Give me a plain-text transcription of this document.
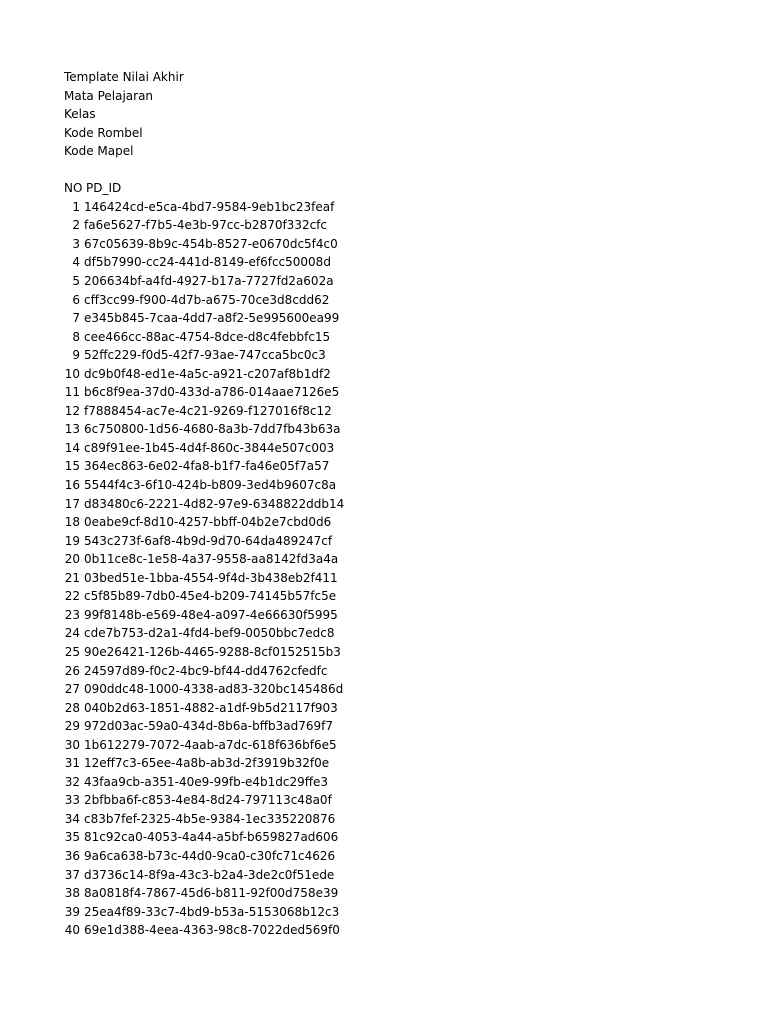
Template Nilai Akhir
Mata Pelajaran
Kelas
Kode Rombel
Kode Mapel
NO PD_ID
1 146424cd-e5ca-4bd7-9584-9eb1bc23feaf
2 fa6e5627-f7b5-4e3b-97cc-b2870f332cfc
3 67c05639-8b9c-454b-8527-e0670dc5f4c0
4 df5b7990-cc24-441d-8149-ef6fcc50008d
5 206634bf-a4fd-4927-b17a-7727fd2a602a
6 cff3cc99-f900-4d7b-a675-70ce3d8cdd62
7 e345b845-7caa-4dd7-a8f2-5e995600ea99
8 cee466cc-88ac-4754-8dce-d8c4febbfc15
9 52ffc229-f0d5-42f7-93ae-747cca5bc0c3
10 dc9b0f48-ed1e-4a5c-a921-c207af8b1df2
11 b6c8f9ea-37d0-433d-a786-014aae7126e5
12 f7888454-ac7e-4c21-9269-f127016f8c12
13 6c750800-1d56-4680-8a3b-7dd7fb43b63a
14 c89f91ee-1b45-4d4f-860c-3844e507c003
15 364ec863-6e02-4fa8-b1f7-fa46e05f7a57
16 5544f4c3-6f10-424b-b809-3ed4b9607c8a
17 d83480c6-2221-4d82-97e9-6348822ddb14
18 0eabe9cf-8d10-4257-bbff-04b2e7cbd0d6
19 543c273f-6af8-4b9d-9d70-64da489247cf
20 0b11ce8c-1e58-4a37-9558-aa8142fd3a4a
21 03bed51e-1bba-4554-9f4d-3b438eb2f411
22 c5f85b89-7db0-45e4-b209-74145b57fc5e
23 99f8148b-e569-48e4-a097-4e66630f5995
24 cde7b753-d2a1-4fd4-bef9-0050bbc7edc8
25 90e26421-126b-4465-9288-8cf0152515b3
26 24597d89-f0c2-4bc9-bf44-dd4762cfedfc
27 090ddc48-1000-4338-ad83-320bc145486d
28 040b2d63-1851-4882-a1df-9b5d2117f903
29 972d03ac-59a0-434d-8b6a-bffb3ad769f7
30 1b612279-7072-4aab-a7dc-618f636bf6e5
31 12eff7c3-65ee-4a8b-ab3d-2f3919b32f0e
32 43faa9cb-a351-40e9-99fb-e4b1dc29ffe3
33 2bfbba6f-c853-4e84-8d24-797113c48a0f
34 c83b7fef-2325-4b5e-9384-1ec335220876
35 81c92ca0-4053-4a44-a5bf-b659827ad606
36 9a6ca638-b73c-44d0-9ca0-c30fc71c4626
37 d3736c14-8f9a-43c3-b2a4-3de2c0f51ede
38 8a0818f4-7867-45d6-b811-92f00d758e39
39 25ea4f89-33c7-4bd9-b53a-5153068b12c3
40 69e1d388-4eea-4363-98c8-7022ded569f0
